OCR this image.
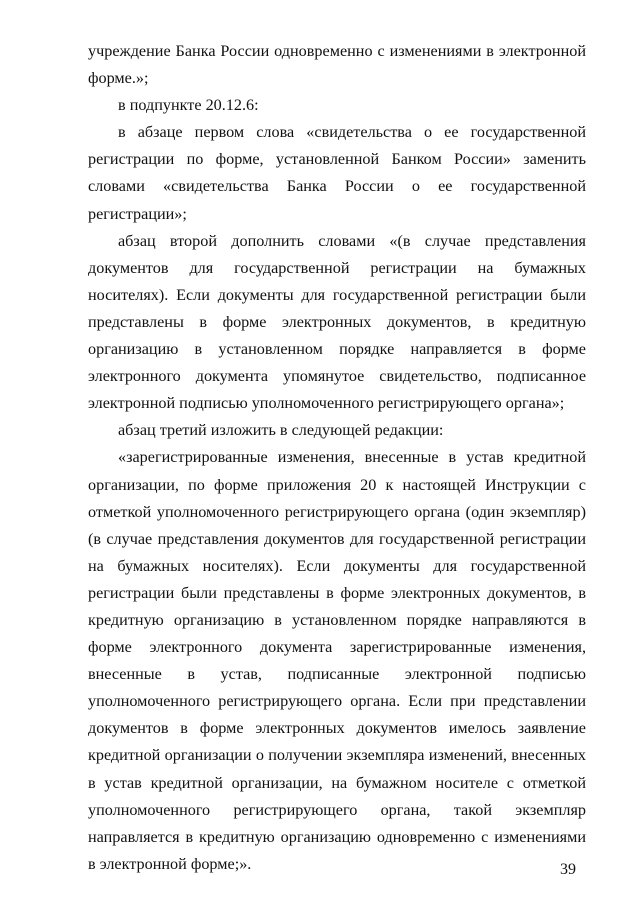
учреждение Банка России одновременно с изменениями в электронной форме.»;

в подпункте 20.12.6:

в абзаце первом слова «свидетельства о ее государственной регистрации по форме, установленной Банком России» заменить словами «свидетельства Банка России о ее государственной регистрации»;

абзац второй дополнить словами «(в случае представления документов для государственной регистрации на бумажных носителях). Если документы для государственной регистрации были представлены в форме электронных документов, в кредитную организацию в установленном порядке направляется в форме электронного документа упомянутое свидетельство, подписанное электронной подписью уполномоченного регистрирующего органа»;

абзац третий изложить в следующей редакции:

«зарегистрированные изменения, внесенные в устав кредитной организации, по форме приложения 20 к настоящей Инструкции с отметкой уполномоченного регистрирующего органа (один экземпляр) (в случае представления документов для государственной регистрации на бумажных носителях). Если документы для государственной регистрации были представлены в форме электронных документов, в кредитную организацию в установленном порядке направляются в форме электронного документа зарегистрированные изменения, внесенные в устав, подписанные электронной подписью уполномоченного регистрирующего органа. Если при представлении документов в форме электронных документов имелось заявление кредитной организации о получении экземпляра изменений, внесенных в устав кредитной организации, на бумажном носителе с отметкой уполномоченного регистрирующего органа, такой экземпляр направляется в кредитную организацию одновременно с изменениями в электронной форме;».	39
